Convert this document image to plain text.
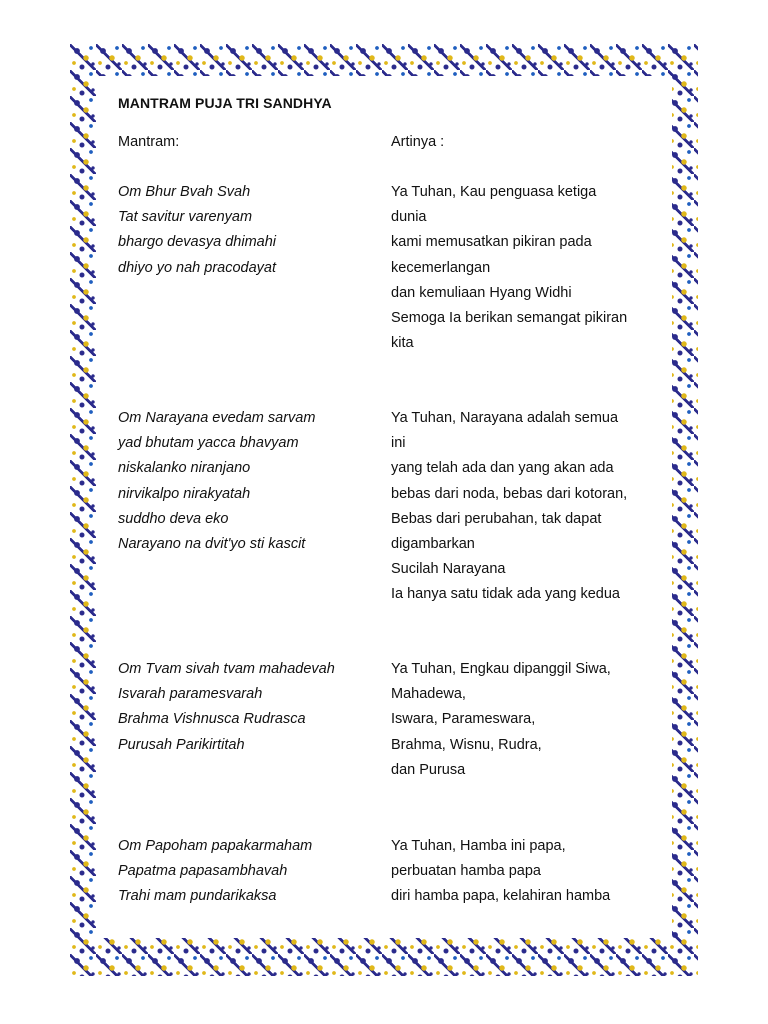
MANTRAM PUJA TRI SANDHYA
Mantram:	Artinya :
Om Bhur Bvah Svah
Tat savitur varenyam
bhargo devasya dhimahi
dhiyo yo nah pracodayat
Ya Tuhan, Kau penguasa ketiga
dunia
kami memusatkan pikiran pada
kecemerlangan
dan kemuliaan Hyang Widhi
Semoga Ia berikan semangat pikiran
kita
Om Narayana evedam sarvam
yad bhutam yacca bhavyam
niskalanko niranjano
nirvikalpo nirakyatah
suddho deva eko
Narayano na dvit'yo sti kascit
Ya Tuhan, Narayana adalah semua
ini
yang telah ada dan yang akan ada
bebas dari noda, bebas dari kotoran,
Bebas dari perubahan, tak dapat
digambarkan
Sucilah Narayana
Ia hanya satu tidak ada yang kedua
Om Tvam sivah tvam mahadevah
Isvarah paramesvarah
Brahma Vishnusca Rudrasca
Purusah Parikirtitah
Ya Tuhan, Engkau dipanggil Siwa,
Mahadewa,
Iswara, Parameswara,
Brahma, Wisnu, Rudra,
dan Purusa
Om Papoham papakarmaham
Papatma papasambhavah
Trahi mam pundarikaksa
Ya Tuhan, Hamba ini papa,
perbuatan hamba papa
diri hamba papa, kelahiran hamba
